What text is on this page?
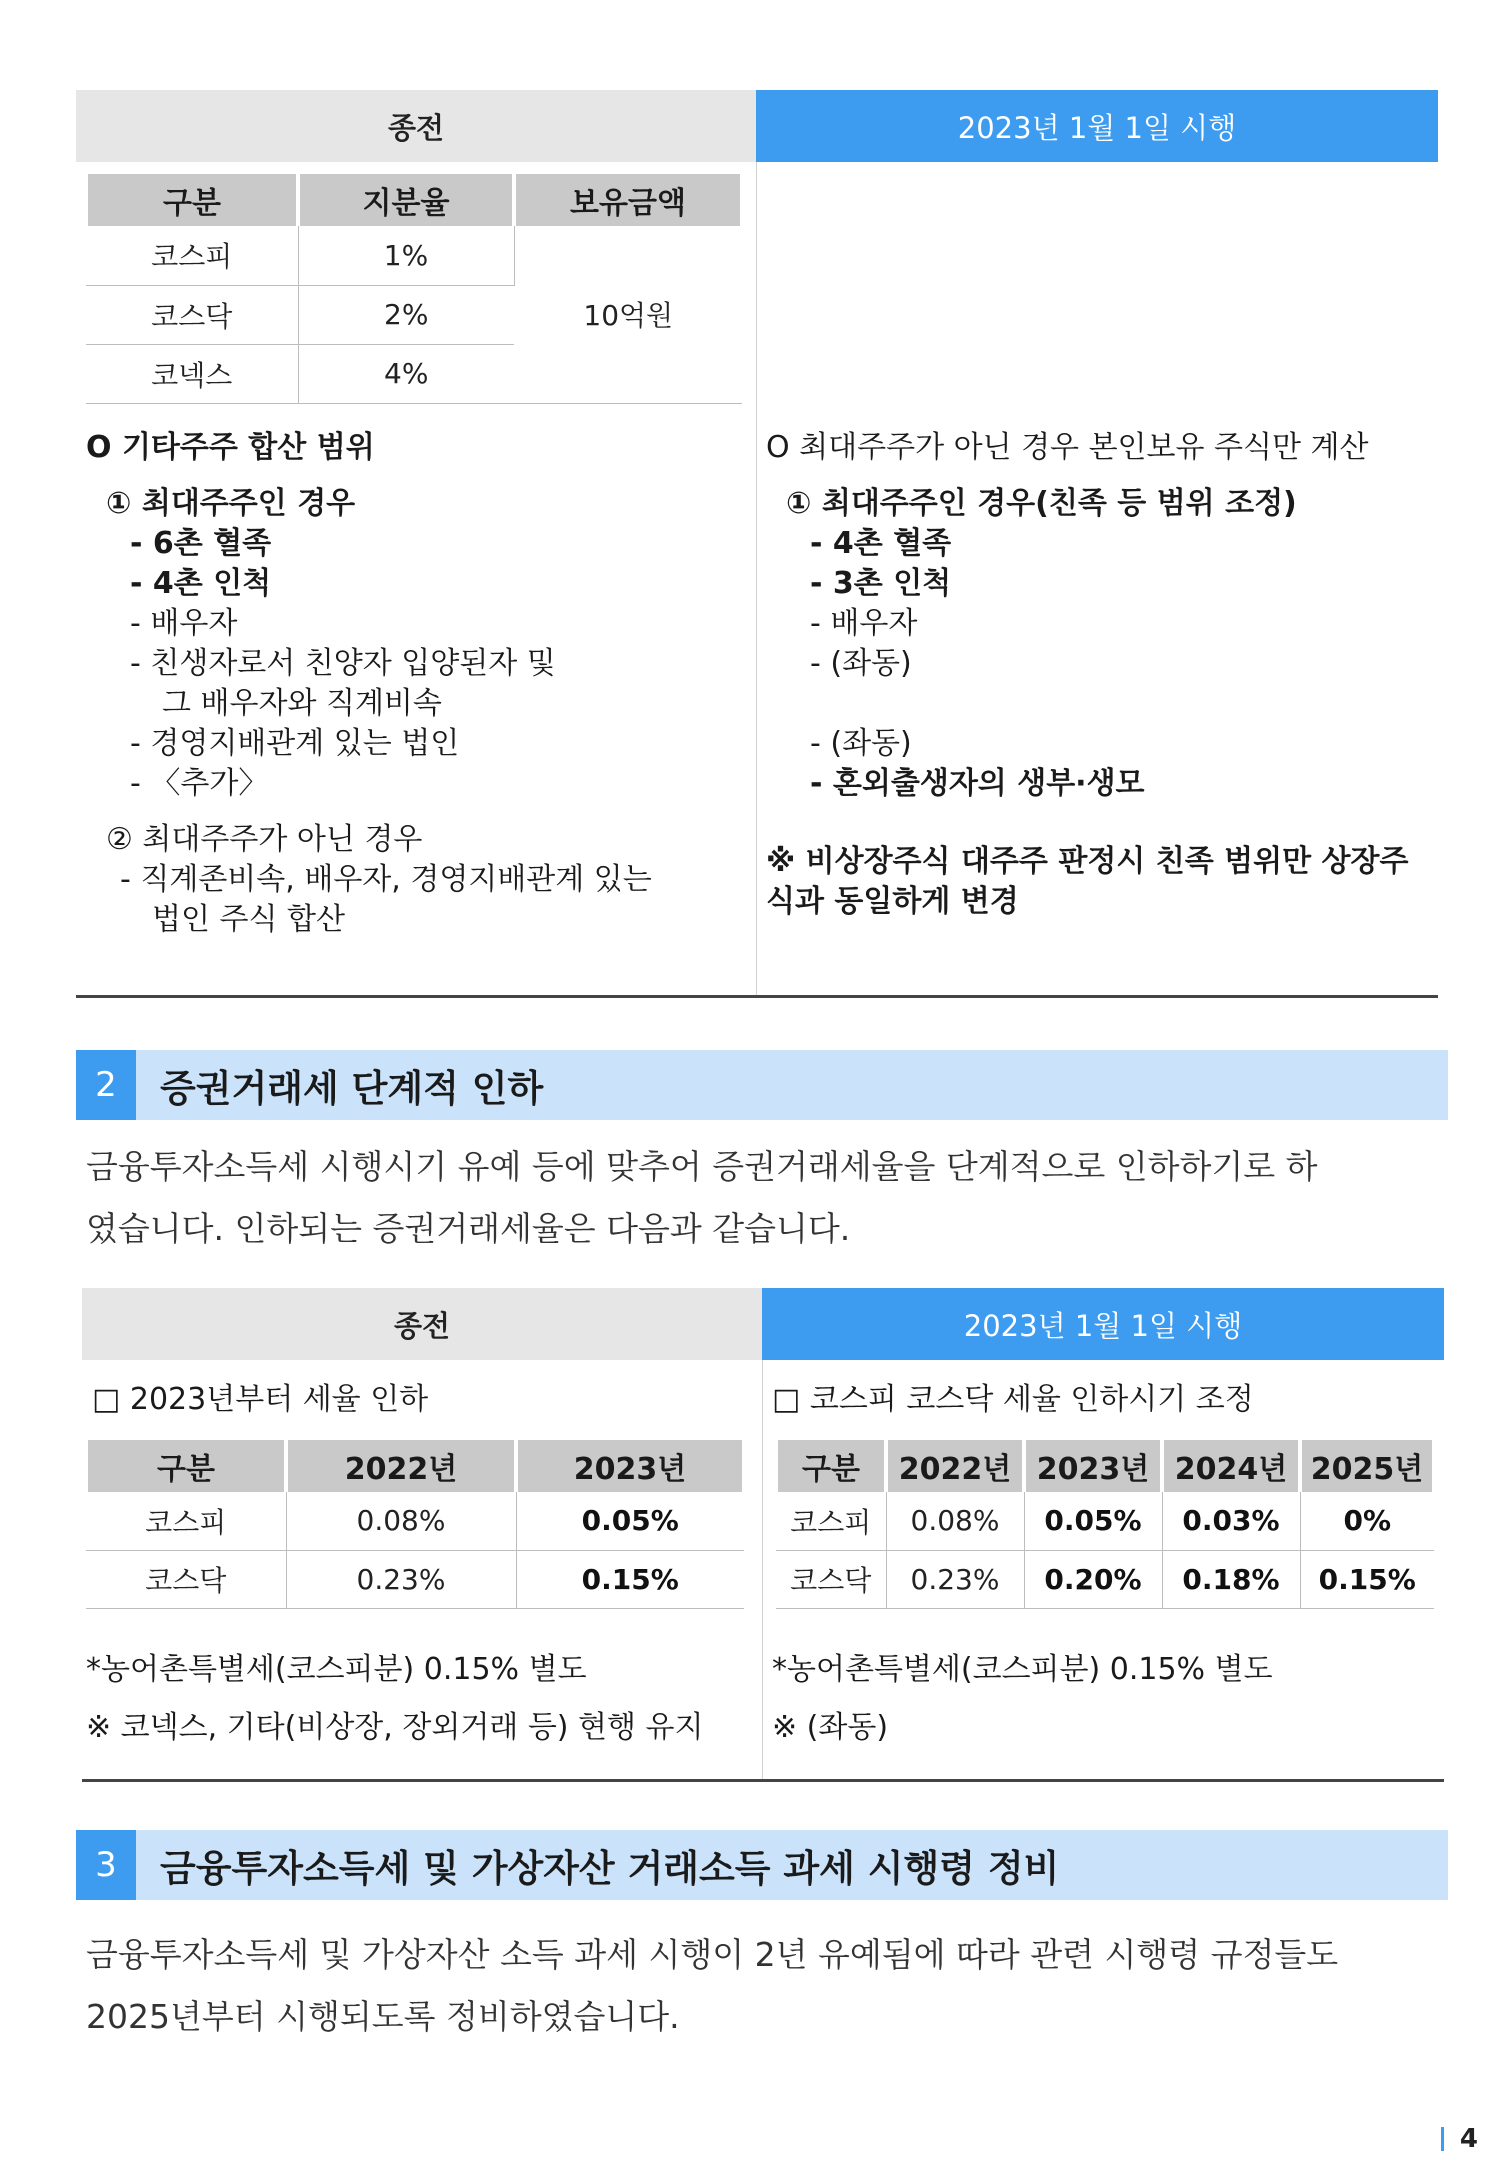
종전	2023년 1월 1일 시행
구분	지분율	보유금액
코스피	1%	10억원
코스닥	2%	
코넥스	4%	
O 기타주주 합산 범위
① 최대주주인 경우
- 6촌 혈족
- 4촌 인척
- 배우자
- 친생자로서 친양자 입양된자 및
그 배우자와 직계비속
- 경영지배관계 있는 법인
- 〈추가〉
② 최대주주가 아닌 경우
- 직계존비속, 배우자, 경영지배관계 있는
법인 주식 합산
O 최대주주가 아닌 경우 본인보유 주식만 계산
① 최대주주인 경우(친족 등 범위 조정)
- 4촌 혈족
- 3촌 인척
- 배우자
- (좌동)
- (좌동)
- 혼외출생자의 생부·생모
※ 비상장주식 대주주 판정시 친족 범위만 상장주
식과 동일하게 변경
2	증권거래세 단계적 인하
금융투자소득세 시행시기 유예 등에 맞추어 증권거래세율을 단계적으로 인하하기로 하
였습니다. 인하되는 증권거래세율은 다음과 같습니다.
종전	2023년 1월 1일 시행
□ 2023년부터 세율 인하
구분	2022년	2023년
코스피	0.08%	0.05%
코스닥	0.23%	0.15%
*농어촌특별세(코스피분) 0.15% 별도
※ 코넥스, 기타(비상장, 장외거래 등) 현행 유지
□ 코스피 코스닥 세율 인하시기 조정
구분	2022년	2023년	2024년	2025년
코스피	0.08%	0.05%	0.03%	0%
코스닥	0.23%	0.20%	0.18%	0.15%
*농어촌특별세(코스피분) 0.15% 별도
※ (좌동)
3	금융투자소득세 및 가상자산 거래소득 과세 시행령 정비
금융투자소득세 및 가상자산 소득 과세 시행이 2년 유예됨에 따라 관련 시행령 규정들도
2025년부터 시행되도록 정비하였습니다.
4
